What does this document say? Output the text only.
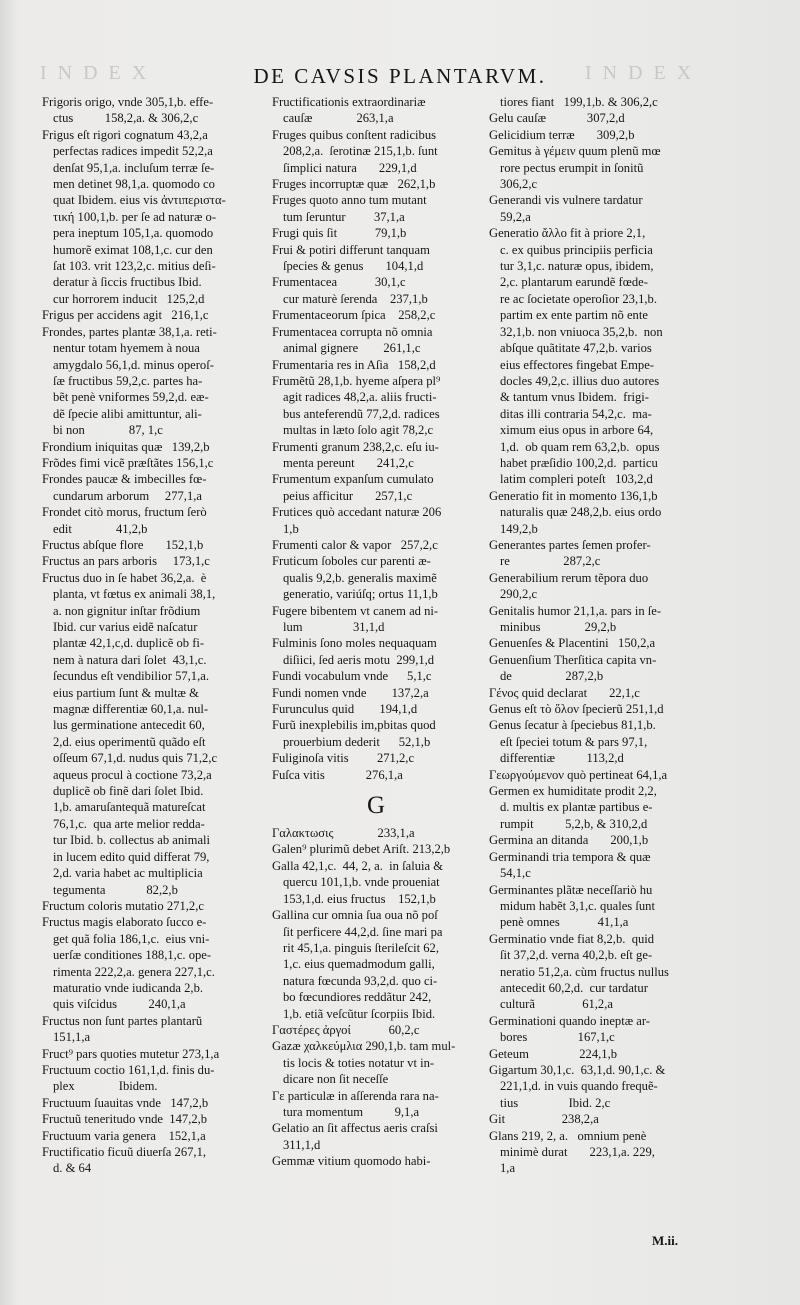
I N D E X	I N D E X
DE CAVSIS PLANTARVM.
Frigoris origo, vnde 305,1,b. effe-
ctus          158,2,a. & 306,2,c
Frigus eſt rigori cognatum 43,2,a
perfectas radices impedit 52,2,a
denſat 95,1,a. incluſum terræ ſe-
men detinet 98,1,a. quomodo co
quat Ibidem. eius vis ἀντιπεριστα-
τική 100,1,b. per ſe ad naturæ o-
pera ineptum 105,1,a. quomodo
humorẽ eximat 108,1,c. cur den
ſat 103. vrit 123,2,c. mitius deſi-
deratur à ſiccis fructibus Ibid.
cur horrorem inducit   125,2,d
Frigus per accidens agit   216,1,c
Frondes, partes plantæ 38,1,a. reti-
nentur totam hyemem à noua
amygdalo 56,1,d. minus operoſ-
ſæ fructibus 59,2,c. partes ha-
bẽt penè vniformes 59,2,d. eæ-
dẽ ſpecie alibi amittuntur, ali-
bi non              87, 1,c
Frondium iniquitas quæ   139,2,b
Frõdes fimi vicẽ præſtãtes 156,1,c
Frondes paucæ & imbecilles fœ-
cundarum arborum     277,1,a
Frondet citò morus, fructum ſerò
edit              41,2,b
Fructus abſque flore       152,1,b
Fructus an pars arboris     173,1,c
Fructus duo in ſe habet 36,2,a.  è
planta, vt fœtus ex animali 38,1,
a. non gignitur inſtar frõdium
Ibid. cur varius eidẽ naſcatur
plantæ 42,1,c,d. duplicẽ ob fi-
nem à natura dari ſolet  43,1,c.
ſecundus eſt vendibilior 57,1,a.
eius partium ſunt & multæ &
magnæ differentiæ 60,1,a. nul-
lus germinatione antecedit 60,
2,d. eius operimentũ quãdo eſt
oſſeum 67,1,d. nudus quis 71,2,c
aqueus procul à coctione 73,2,a
duplicẽ ob finẽ dari ſolet Ibid.
1,b. amaruſantequã matureſcat
76,1,c.  qua arte melior redda-
tur Ibid. b. collectus ab animali
in lucem edito quid differat 79,
2,d. varia habet ac multiplicia
tegumenta             82,2,b
Fructum coloris mutatio 271,2,c
Fructus magis elaborato ſucco e-
get quã folia 186,1,c.  eius vni-
uerſæ conditiones 188,1,c. ope-
rimenta 222,2,a. genera 227,1,c.
maturatio vnde iudicanda 2,b.
quis viſcidus          240,1,a
Fructus non ſunt partes plantarũ
151,1,a
Fruct⁹ pars quoties mutetur 273,1,a
Fructuum coctio 161,1,d. finis du-
plex              Ibidem.
Fructuum ſuauitas vnde   147,2,b
Fructuũ teneritudo vnde  147,2,b
Fructuum varia genera    152,1,a
Fructificatio ficuũ diuerſa 267,1,
d. & 64
Fructificationis extraordinariæ
cauſæ              263,1,a
Fruges quibus conſtent radicibus
208,2,a.  ſerotinæ 215,1,b. ſunt
ſimplici natura       229,1,d
Fruges incorruptæ quæ   262,1,b
Fruges quoto anno tum mutant
tum ſeruntur         37,1,a
Frugi quis ſit            79,1,b
Frui & potiri differunt tanquam
ſpecies & genus       104,1,d
Frumentacea            30,1,c
cur maturè ſerenda    237,1,b
Frumentaceorum ſpica    258,2,c
Frumentacea corrupta nõ omnia
animal gignere        261,1,c
Frumentaria res in Aſia   158,2,d
Frumẽtũ 28,1,b. hyeme aſpera pl⁹
agit radices 48,2,a. aliis fructi-
bus anteferendũ 77,2,d. radices
multas in læto ſolo agit 78,2,c
Frumenti granum 238,2,c. eſu iu-
menta pereunt       241,2,c
Frumentum expanſum cumulato
peius afficitur       257,1,c
Frutices quò accedant naturæ 206
1,b
Frumenti calor & vapor   257,2,c
Fruticum ſoboles cur parenti æ-
qualis 9,2,b. generalis maximẽ
generatio, variúſq; ortus 11,1,b
Fugere bibentem vt canem ad ni-
lum                31,1,d
Fulminis ſono moles nequaquam
diſiici, ſed aeris motu  299,1,d
Fundi vocabulum vnde      5,1,c
Fundi nomen vnde        137,2,a
Furunculus quid        194,1,d
Furũ inexplebilis im,pbitas quod
prouerbium dederit      52,1,b
Fuliginoſa vitis         271,2,c
Fuſca vitis             276,1,a
G
Γαλακτωσις              233,1,a
Galen⁹ plurimũ debet Ariſt. 213,2,b
Galla 42,1,c.  44, 2, a.  in ſaluia &
quercu 101,1,b. vnde proueniat
153,1,d. eius fructus    152,1,b
Gallina cur omnia ſua oua nõ poſ
ſit perficere 44,2,d. ſine mari pa
rit 45,1,a. pinguis ſterileſcit 62,
1,c. eius quemadmodum galli,
natura fœcunda 93,2,d. quo ci-
bo fœcundiores reddãtur 242,
1,b. etiã veſcũtur ſcorpiis Ibid.
Γαστέρες ἀργοί            60,2,c
Gazæ χαλκεύμλια 290,1,b. tam mul-
tis locis & toties notatur vt in-
dicare non ſit neceſſe
Γε particulæ in aſſerenda rara na-
tura momentum          9,1,a
Gelatio an ſit affectus aeris craſsi
311,1,d
Gemmæ vitium quomodo habi-
tiores fiant   199,1,b. & 306,2,c
Gelu cauſæ             307,2,d
Gelicidium terræ       309,2,b
Gemitus à γέμειν quum plenũ mœ
rore pectus erumpit in ſonitũ
306,2,c
Generandi vis vulnere tardatur
59,2,a
Generatio ἄλλο fit à priore 2,1,
c. ex quibus principiis perficia
tur 3,1,c. naturæ opus, ibidem,
2,c. plantarum earundẽ fœde-
re ac ſocietate operoſior 23,1,b.
partim ex ente partim nõ ente
32,1,b. non vniuoca 35,2,b.  non
abſque quãtitate 47,2,b. varios
eius effectores fingebat Empe-
docles 49,2,c. illius duo autores
& tantum vnus Ibidem.  frigi-
ditas illi contraria 54,2,c.  ma-
ximum eius opus in arbore 64,
1,d.  ob quam rem 63,2,b.  opus
habet præſidio 100,2,d.  particu
latim compleri poteſt   103,2,d
Generatio fit in momento 136,1,b
naturalis quæ 248,2,b. eius ordo
149,2,b
Generantes partes ſemen profer-
re                 287,2,c
Generabilium rerum tẽpora duo
290,2,c
Genitalis humor 21,1,a. pars in ſe-
minibus              29,2,b
Genuenſes & Placentini   150,2,a
Genuenſium Therſitica capita vn-
de                 287,2,b
Γένος quid declarat       22,1,c
Genus eſt τὸ ὅλον ſpecierũ 251,1,d
Genus ſecatur à ſpeciebus 81,1,b.
eſt ſpeciei totum & pars 97,1,
differentiæ          113,2,d
Γεωργούμενον quò pertineat 64,1,a
Germen ex humiditate prodit 2,2,
d. multis ex plantæ partibus e-
rumpit          5,2,b, & 310,2,d
Germina an ditanda       200,1,b
Germinandi tria tempora & quæ
54,1,c
Germinantes plãtæ neceſſariò hu
midum habẽt 3,1,c. quales ſunt
penè omnes            41,1,a
Germinatio vnde fiat 8,2,b.  quid
ſit 37,2,d. verna 40,2,b. eſt ge-
neratio 51,2,a. cùm fructus nullus
antecedit 60,2,d.  cur tardatur
culturã               61,2,a
Germinationi quando ineptæ ar-
bores                167,1,c
Geteum                224,1,b
Gigartum 30,1,c.  63,1,d. 90,1,c. &
221,1,d. in vuis quando frequẽ-
tius                Ibid. 2,c
Git                  238,2,a
Glans 219, 2, a.   omnium penè
minimè durat       223,1,a. 229,
1,a
M.ii.
